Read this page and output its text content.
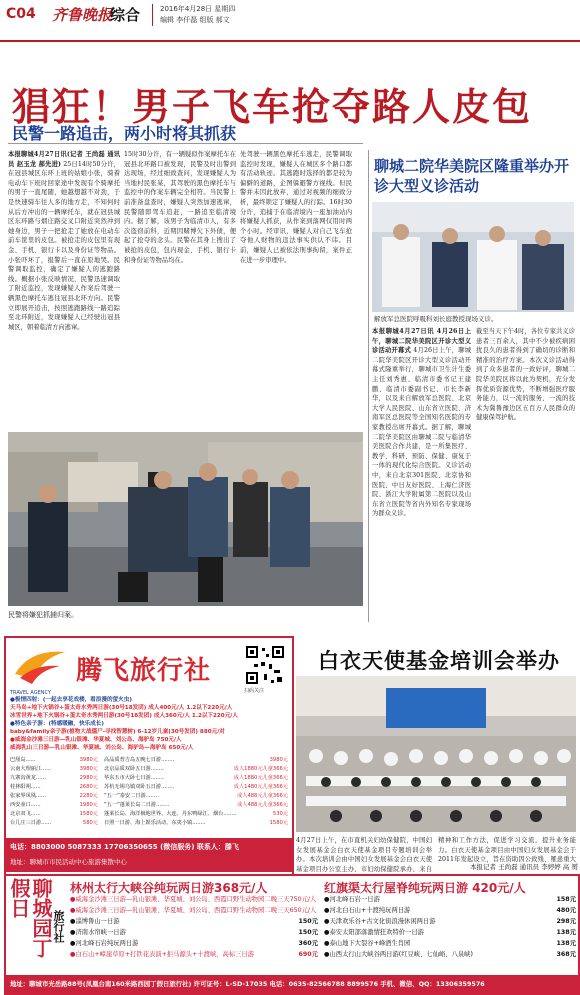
C04 齐鲁晚报
综合	2016年4月28日 星期四
编辑 李仟磊 组版 郝文
猖狂！男子飞车抢夺路人皮包
民警一路追击，两小时将其抓获
本报聊城4月27日讯(记者 王尚磊 通讯员 赵玉龙 郝先进) 25日14时50分许，在冠县城区东环上班的姑娘小张，骑着电动车下班时回家途中发现有个骑摩托的男子一直尾随，她越想越不对劲，于是快速骑车往人多的地方走，不知何时从后方冲出的一辆摩托车，就在冠县城区东环路与烟庄路交叉口附近突然冲到她身边，男子一把抢走了她放在电动车前车筐里的皮包。被抢走的皮包里有现金、手机、银行卡以及身份证等物品。小张吓坏了，报警后一直在原地哭。民警调取监控，确定了嫌疑人的逃跑路线。概据小张反映情况，民警迅速调取了附近监控，发现嫌疑人作案后驾驶一辆黑色摩托车逃往冠县北环方向。民警立即展开追击，按照逃跑路线一路追踪至北环附近，发现嫌疑人已经驶出冠县城区，朝着临清方向逃窜。
15时30分许，有一辆疑似作案摩托车在冠县北环路口被发现，民警及时出警到达现场，经过细致查问，发现嫌疑人为当地村民张某，其驾驶的黑色摩托车与监控中的作案车辆完全相符。当民警上前准备盘查时，嫌疑人突然加速逃窜，民警随即驾车追赶，一路追至临清境内。据了解，该男子为临清市人，有多次盗窃前科，近期因赌博欠下外债，便起了抢夺的念头。民警在其身上搜出了被抢的皮包，包内现金、手机、银行卡和身份证等物品均在。
先驾驶一辆黑色摩托车逃走，民警调取监控时发现，嫌疑人在城区多个路口都有活动轨迹。其逃跑时选择的都是较为偏僻的道路，企图躲避警方视线。但民警并未因此放弃，通过对视频的细致分析，最终锁定了嫌疑人的行踪。16时30分许，追捕于在临清境内一座加油站内将嫌疑人抓获，从作案到落网仅用时两个小时。经审讯，嫌疑人对自己飞车抢夺他人财物的违法事实供认不讳。目前，嫌疑人已被依法刑事拘留，案件正在进一步审理中。
民警将嫌犯抓捕归案。
聊城二院华美院区隆重举办开诊大型义诊活动
解放军总医院呼吸科刘长庭教授现场义诊。
本报聊城4月27日讯 4月26日上午，聊城二院华美院区开诊大型义诊活动开幕式 4月26日上午，聊城二院华美院区开诊大型义诊活动开幕式隆重举行，聊城市卫生计生委主任刘秀惠、临清市委书记王建鹏、临清市委副书记、市长李新华，以及来自解放军总医院、北京大学人民医院、山东省立医院、济南军区总医院等全国知名医院的专家教授出席开幕式。据了解，聊城二院华美院区由聊城二院与临清华美医院合作共建，是一所集医疗、教学、科研、预防、保健、康复于一体的现代化综合医院。义诊活动中，来自北京301医院、北京协和医院、中日友好医院、上海仁济医院、浙江大学附属第二医院以及山东省立医院等省内外知名专家现场为群众义诊。
截至当天下午4时，各位专家共义诊患者三百余人，其中不少被疾病困扰良久的患者得到了确切的诊断和精准的治疗方案。本次义诊活动得到了众多患者的一致好评，聊城二院华美院区将以此为契机，充分发挥优质资源优势，不断增强医疗服务能力，以一流的服务、一流的技术为冀鲁豫边区五百万人民群众的健康保驾护航。
TRAVEL AGENCY
腾飞旅行社
扫码关注
●极情四射：(一起去享花戏楼，看浪漫的萤火虫)
天马岛+地下火锅谷+蛋太奇水秀两日游(30号18发团) 成人400元/人 1.2以下220元/人
冰雪世界+地下火锅谷+蛋太奇水秀两日游(30号18发团) 成人360元/人 1.2以下220元/人
●特色亲子游：(特感暖融，快乐成长)
baby&family亲子游(植物大战僵尸-寻找智慧树) 6-12岁儿童(30号发团) 880元/对
●威海金沙滩三日游—乳山银滩、华夏城、刘公岛、海驴岛 750元/人
威海乳山三日游—乳山银滩、华夏城、刘公岛、海驴岛—海驴岛 650元/人
巴厘岛......	3980元
云南大理丽江......	3980元
九寨沟黄龙......	2980元
桂林阳朔......	2680元
张家界凤凰......	2280元
西安壶口......	1980元
北京双飞......	1580元
台儿庄三日游......	580元
高品质普吉岛五晚七日游........	3980元
北京品质双卧五日游........	成人1880元儿童366元
华东五市大卧七日游........	成人1880元儿童366元
苏杭无锡乌镇双卧五日游........	成人1480元儿童366元
“五一”泰安二日游........	成人488元儿童366元
“五一”蓬莱长岛二日游........	成人488元儿童366元
蓬莱长岛、海洋极地世界、大连、丹东鸭绿江、烟台........	530元
日照一日游、海上娱乐活动、东夷小镇........	1580元
电话：8803000 5087333 17706350655 (微信服务) 联系人：滕飞
地址：聊城市市民活动中心旅游集散中心
白衣天使基金培训会举办
4月27日上午，在市直机关妇幼保健院，中国妇女发展基金会白衣天使基金项目专题培训会举办。本次培训会由中国妇女发展基金会白衣天使基金项目办公室主办，市妇幼保健院承办，来自
精神和工作方法，促进学习交流，提升业务能力。白衣天使基金项目由中国妇女发展基金会于2011年发起设立，旨在资助因公致残、罹患重大
本报记者 王尚磊 通讯员 李婷婷 高 赟
聊城园丁假日
旅行社
林州太行大峡谷纯玩两日游368元/人	红旗渠太行屋脊纯玩两日游 420元/人
●威海金沙滩三日游—乳山银滩、华夏城、刘公岛、西霞口野生动物园二晚三天750元/人
●威海金沙滩三日游—乳山银滩、华夏城、刘公岛、西霞口野生动物园二晚三天650元/人
●淄博鲁山一日游	150元
●济南水帘峡一日游	150元
●河北峰石岩纯玩两日游	360元
●白石山+嶂崖草原+打铁花表演+拒马源头+十渡峡，高标三日游	690元
●河北峰石岩一日游	158元
●河北白石山+十渡纯玩两日游	480元
●天津欢乐谷+古文化街浪漫休闲两日游	298元
●泰安太阳部落激情狂欢特价一日游	138元
●泰山地下大裂谷+峰酒生肖园	138元
●山西太行山大峡谷两日游(红豆峡、七仙峪、八泉峡)	368元
地址：聊城市光岳路88号(凤凰台南160米路西园丁假日旅行社) 许可证号：L-SD-17035 电话：0635-82566788 8899576 手机、微信、QQ：13306359576
